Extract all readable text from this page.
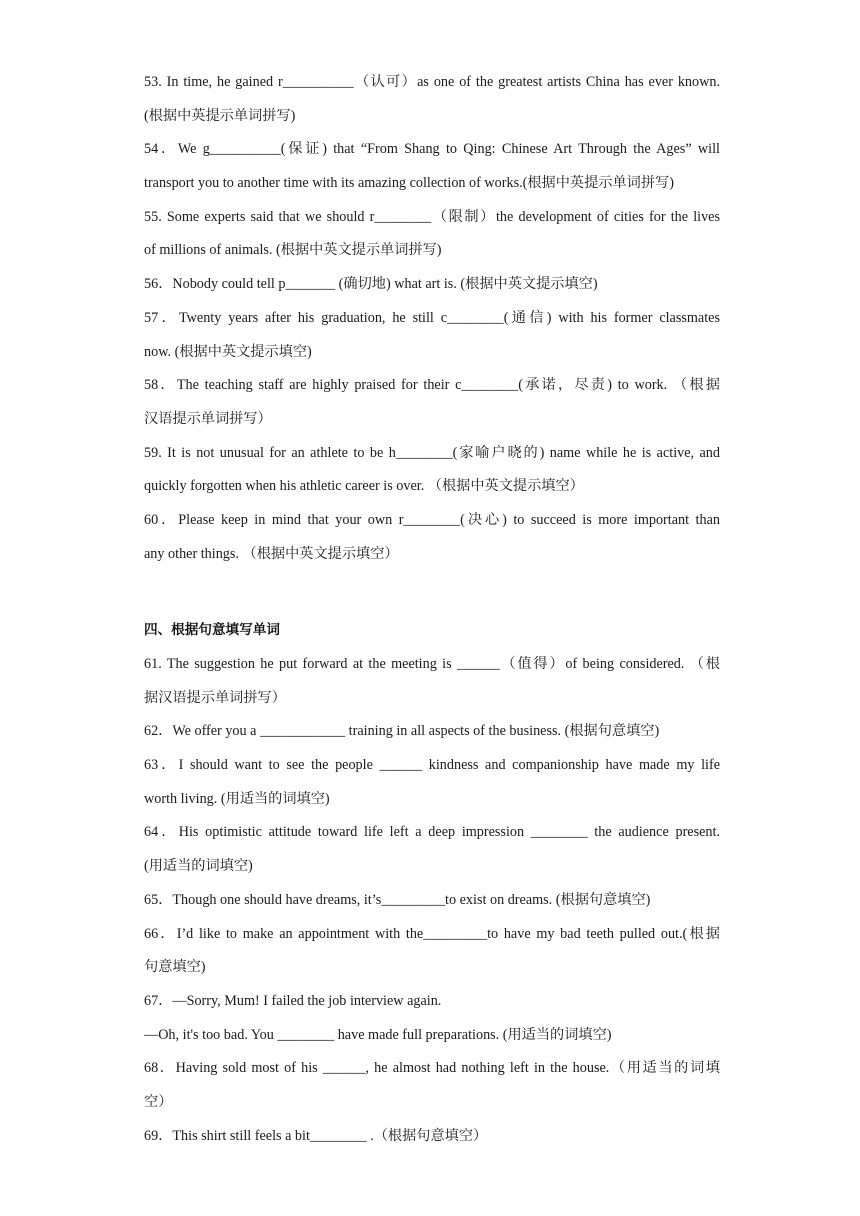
53. In time, he gained r__________（认可）as one of the greatest artists China has ever known.
(根据中英提示单词拼写)
54．We g__________(保证) that “From Shang to Qing: Chinese Art Through the Ages” will
transport you to another time with its amazing collection of works.(根据中英提示单词拼写)
55. Some experts said that we should r________（限制）the development of cities for the lives
of millions of animals. (根据中英文提示单词拼写)
56．Nobody could tell p_______ (确切地) what art is. (根据中英文提示填空)
57．Twenty years after his graduation, he still c________(通信) with his former classmates
now. (根据中英文提示填空)
58．The teaching staff are highly praised for their c________(承诺，尽责) to work. （根据
汉语提示单词拼写）
59. It is not unusual for an athlete to be h________(家喻户晓的) name while he is active, and
quickly forgotten when his athletic career is over. （根据中英文提示填空）
60．Please keep in mind that your own r________(决心) to succeed is more important than
any other things. （根据中英文提示填空）
四、根据句意填写单词
61. The suggestion he put forward at the meeting is ______（值得）of being considered. （根
据汉语提示单词拼写）
62．We offer you a ____________ training in all aspects of the business. (根据句意填空)
63．I should want to see the people ______ kindness and companionship have made my life
worth living. (用适当的词填空)
64．His optimistic attitude toward life left a deep impression ________ the audience present.
(用适当的词填空)
65．Though one should have dreams, it’s_________to exist on dreams. (根据句意填空)
66．I’d like to make an appointment with the_________to have my bad teeth pulled out.(根据
句意填空)
67．—Sorry, Mum! I failed the job interview again.
—Oh, it's too bad. You ________ have made full preparations. (用适当的词填空)
68．Having sold most of his ______, he almost had nothing left in the house.（用适当的词填
空）
69．This shirt still feels a bit________ .（根据句意填空）
